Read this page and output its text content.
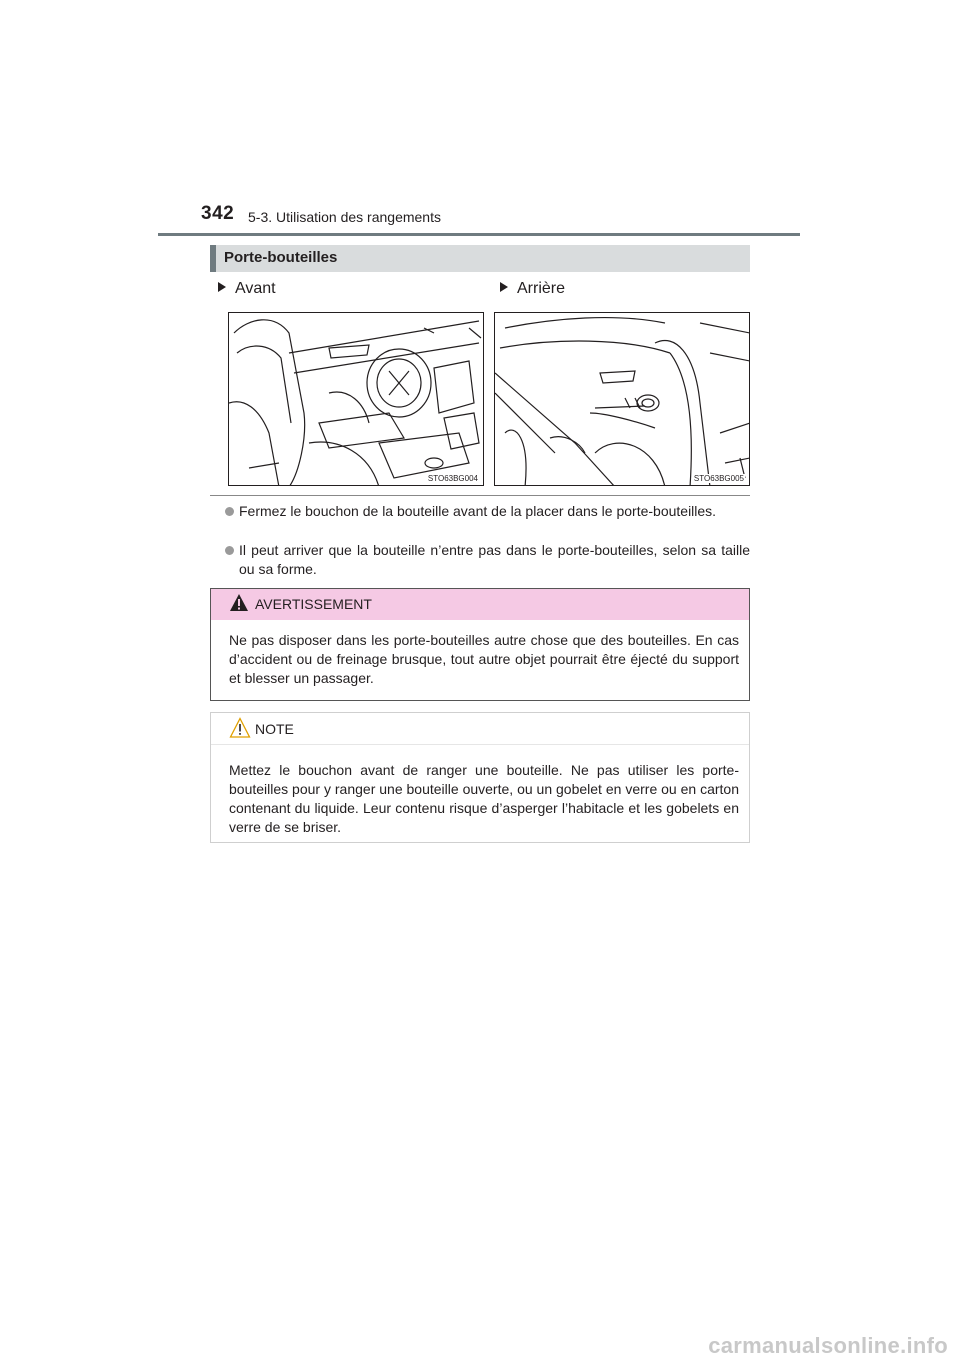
342 5-3. Utilisation des rangements
Porte-bouteilles
Avant	Arrière
STO63BG004	STO63BG005
Fermez le bouchon de la bouteille avant de la placer dans le porte-bouteilles.
Il peut arriver que la bouteille n’entre pas dans le porte-bouteilles, selon sa taille ou sa forme.
AVERTISSEMENT
Ne pas disposer dans les porte-bouteilles autre chose que des bouteilles. En cas d’accident ou de freinage brusque, tout autre objet pourrait être éjecté du support et blesser un passager.
NOTE
Mettez le bouchon avant de ranger une bouteille. Ne pas utiliser les porte-bouteilles pour y ranger une bouteille ouverte, ou un gobelet en verre ou en carton contenant du liquide. Leur contenu risque d’asperger l’habitacle et les gobelets en verre de se briser.
carmanualsonline.info
